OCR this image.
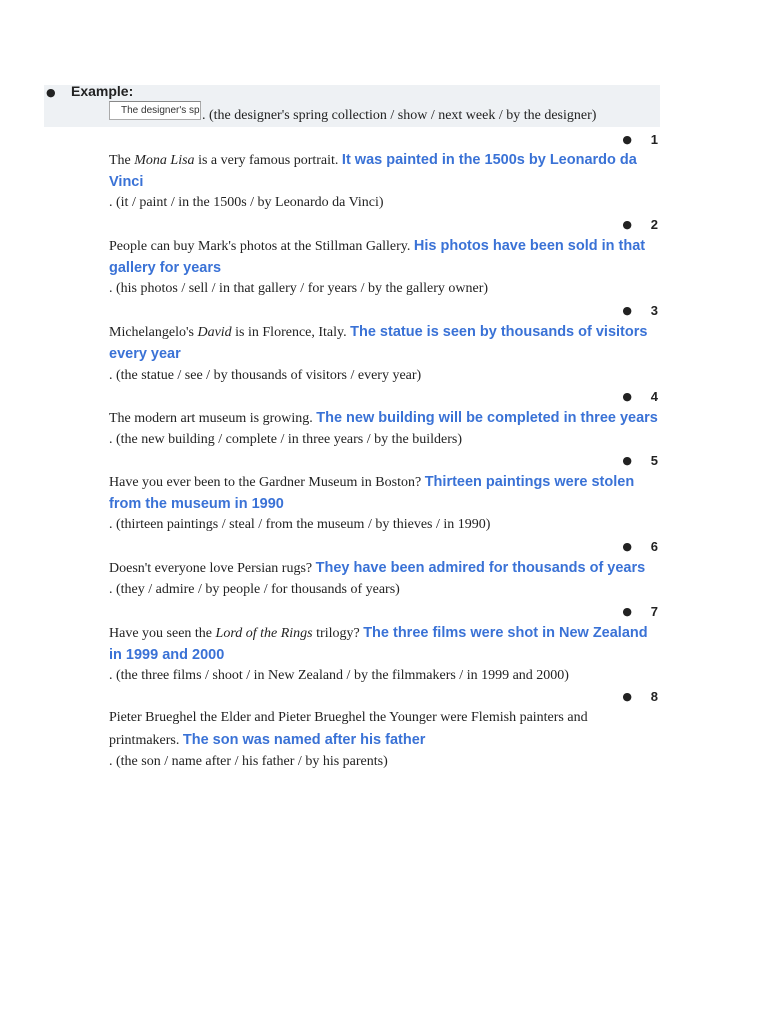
● Example:
The designer's sp
. (the designer's spring collection / show / next week / by the designer)
● 1
The Mona Lisa is a very famous portrait. It was painted in the 1500s by Leonardo da
Vinci
. (it / paint / in the 1500s / by Leonardo da Vinci)
● 2
People can buy Mark's photos at the Stillman Gallery. His photos have been sold in that
gallery for years
. (his photos / sell / in that gallery / for years / by the gallery owner)
● 3
Michelangelo's David is in Florence, Italy. The statue is seen by thousands of visitors
every year
. (the statue / see / by thousands of visitors / every year)
● 4
The modern art museum is growing. The new building will be completed in three years
. (the new building / complete / in three years / by the builders)
● 5
Have you ever been to the Gardner Museum in Boston? Thirteen paintings were stolen
from the museum in 1990
. (thirteen paintings / steal / from the museum / by thieves / in 1990)
● 6
Doesn't everyone love Persian rugs? They have been admired for thousands of years
. (they / admire / by people / for thousands of years)
● 7
Have you seen the Lord of the Rings trilogy? The three films were shot in New Zealand
in 1999 and 2000
. (the three films / shoot / in New Zealand / by the filmmakers / in 1999 and 2000)
● 8
Pieter Brueghel the Elder and Pieter Brueghel the Younger were Flemish painters and
printmakers. The son was named after his father
. (the son / name after / his father / by his parents)
